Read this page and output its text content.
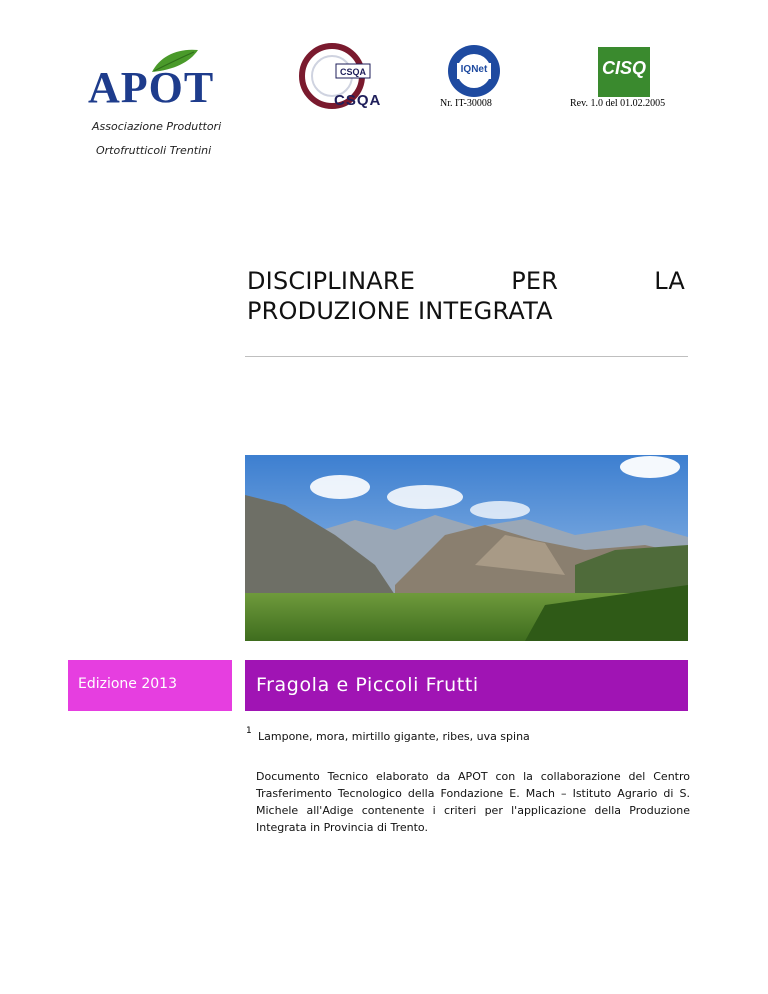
APOT
Associazione Produttori
Ortofrutticoli Trentini
CSQA
CSQA
IQNet
Nr. IT-30008
CISQ
Rev. 1.0 del 01.02.2005
DISCIPLINARE	PER	LA
PRODUZIONE INTEGRATA
Edizione 2013	Fragola e Piccoli Frutti
1 Lampone, mora, mirtillo gigante, ribes, uva spina
Documento Tecnico elaborato da APOT con la collaborazione del Centro Trasferimento Tecnologico della Fondazione E. Mach – Istituto Agrario di S. Michele all'Adige contenente i criteri per l'applicazione della Produzione Integrata in Provincia di Trento.
